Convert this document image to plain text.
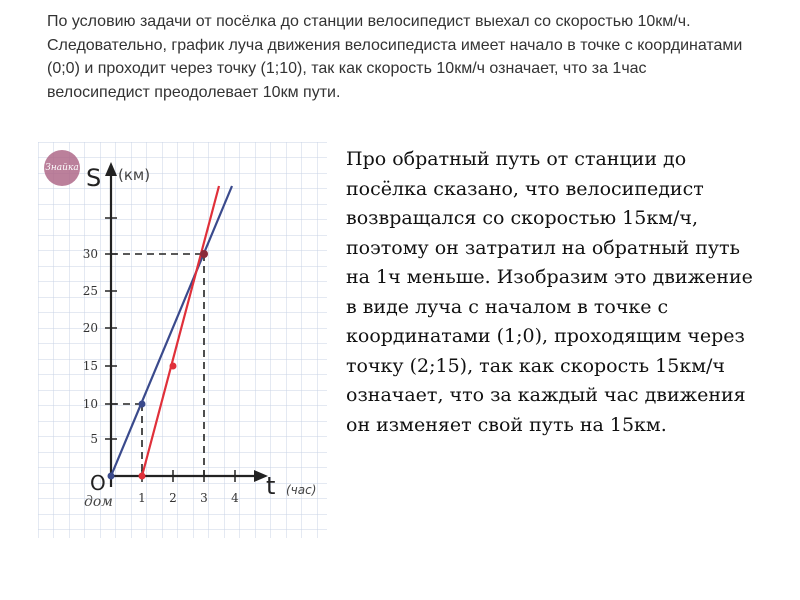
По условию задачи от посёлка до станции велосипедист выехал со скоростью 10км/ч. Следовательно, график луча движения велосипедиста имеет начало в точке с координатами (0;0) и проходит через точку (1;10), так как скорость 10км/ч означает, что за 1час велосипедист преодолевает 10км пути.

5
10
15
20
25
30
1 2 3 4
S (км)
t (час)
O
дом
Знайка	Про обратный путь от станции до посёлка сказано, что велосипедист возвращался со скоростью 15км/ч, поэтому он затратил на обратный путь на 1ч меньше. Изобразим это движение в виде луча с началом в точке с координатами (1;0), проходящим через точку (2;15), так как скорость 15км/ч означает, что за каждый час движения он изменяет свой путь на 15км.
